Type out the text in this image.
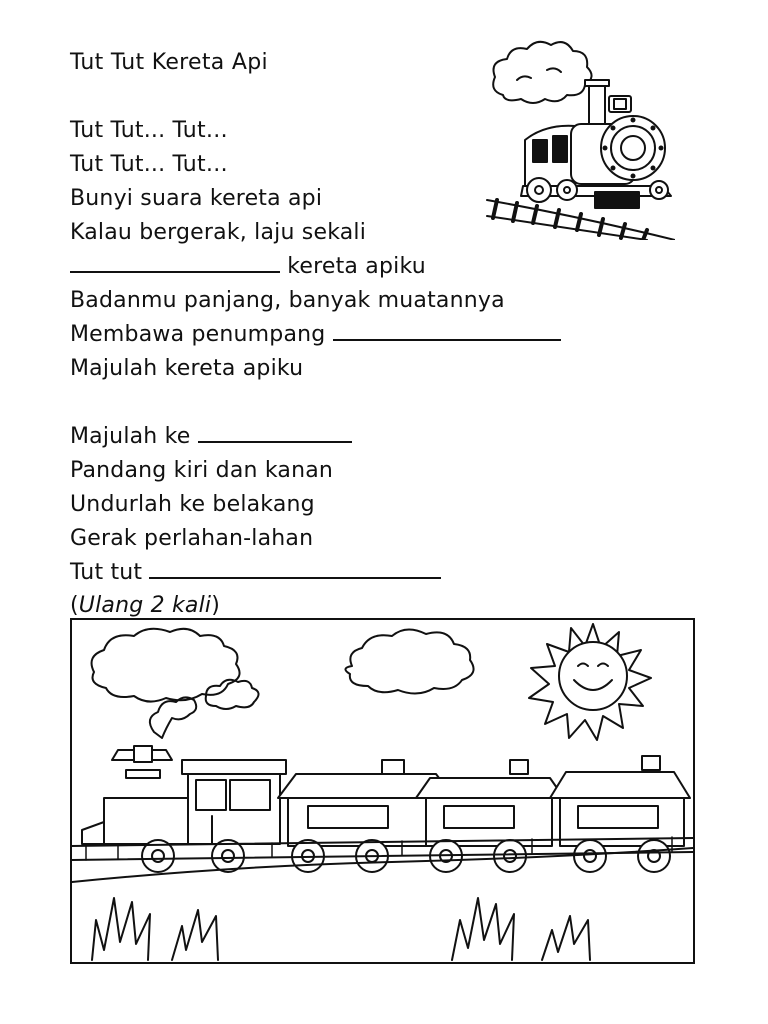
Tut Tut Kereta Api
Tut Tut... Tut…
Tut Tut... Tut…
Bunyi suara kereta api
Kalau bergerak, laju sekali
kereta apiku
Badanmu panjang, banyak muatannya
Membawa penumpang
Majulah kereta apiku
Majulah ke
Pandang kiri dan kanan
Undurlah ke belakang
Gerak perlahan-lahan
Tut tut
(Ulang 2 kali)
